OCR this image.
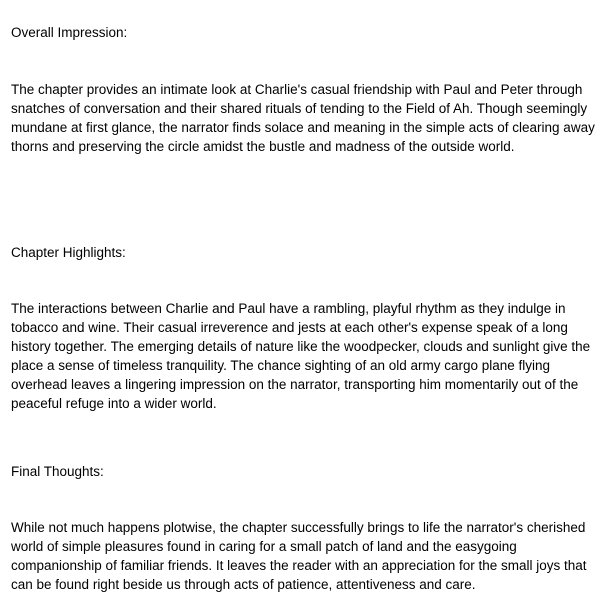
Overall Impression:

The chapter provides an intimate look at Charlie's casual friendship with Paul and Peter through snatches of conversation and their shared rituals of tending to the Field of Ah. Though seemingly mundane at first glance, the narrator finds solace and meaning in the simple acts of clearing away thorns and preserving the circle amidst the bustle and madness of the outside world.

Chapter Highlights:

The interactions between Charlie and Paul have a rambling, playful rhythm as they indulge in tobacco and wine. Their casual irreverence and jests at each other's expense speak of a long history together. The emerging details of nature like the woodpecker, clouds and sunlight give the place a sense of timeless tranquility. The chance sighting of an old army cargo plane flying overhead leaves a lingering impression on the narrator, transporting him momentarily out of the peaceful refuge into a wider world.

Final Thoughts:

While not much happens plotwise, the chapter successfully brings to life the narrator's cherished world of simple pleasures found in caring for a small patch of land and the easygoing companionship of familiar friends. It leaves the reader with an appreciation for the small joys that can be found right beside us through acts of patience, attentiveness and care.
